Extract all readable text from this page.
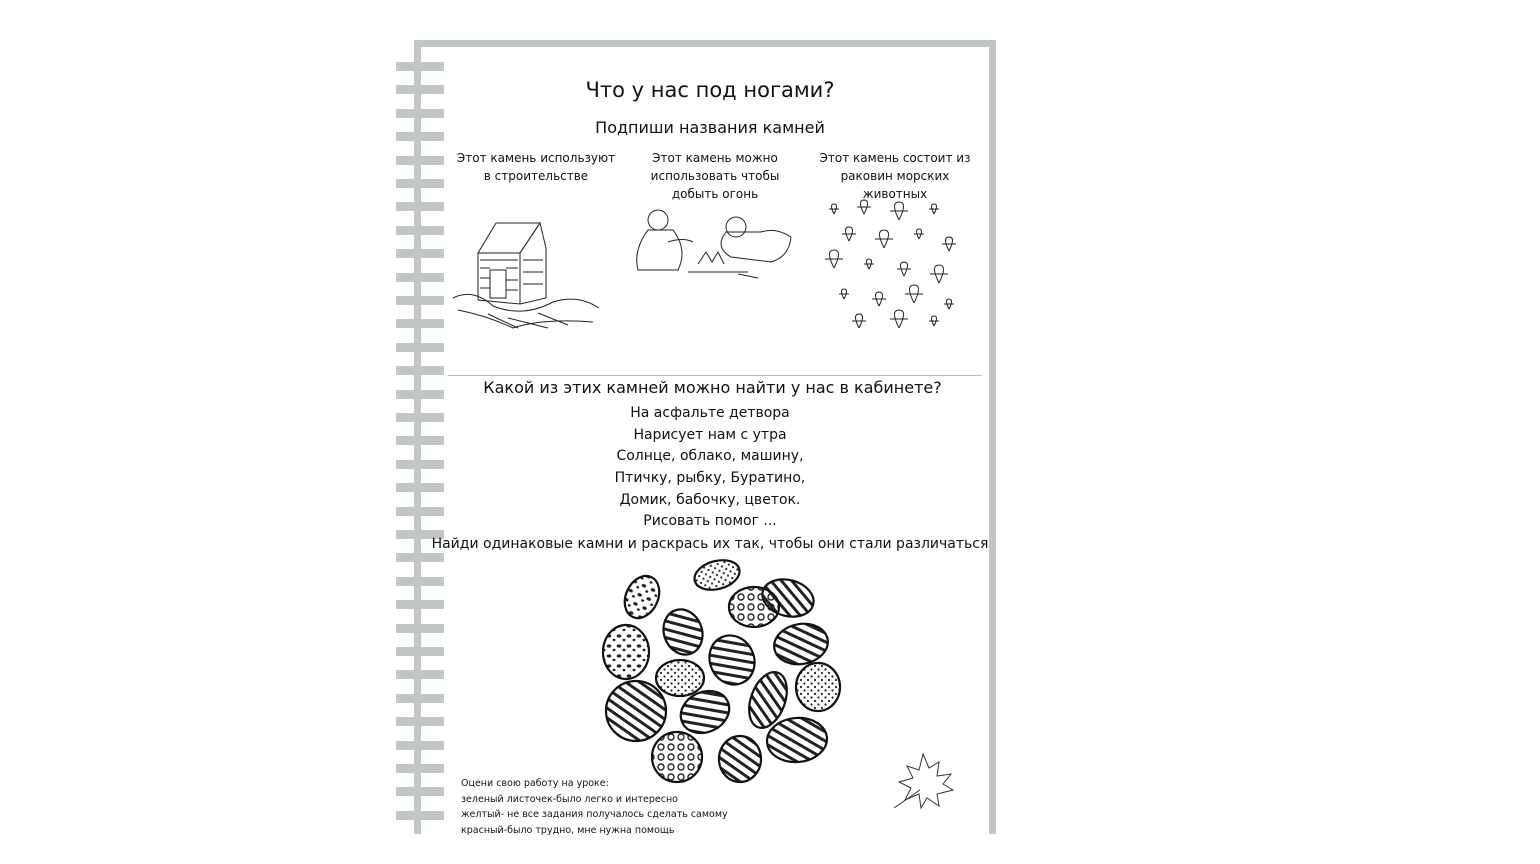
Что у нас под ногами?
Подпиши названия камней
Этот камень используют
в строительстве
Этот камень можно
использовать чтобы
добыть огонь
Этот камень состоит из
раковин морских
животных
Какой из этих камней можно найти у нас в кабинете?
На асфальте детвора
Нарисует нам с утра
Солнце, облако, машину,
Птичку, рыбку, Буратино,
Домик, бабочку, цветок.
Рисовать помог ...
Найди одинаковые камни и раскрась их так, чтобы они стали различаться
Оцени свою работу на уроке:
зеленый листочек-было легко и интересно
желтый- не все задания получалось сделать самому
красный-было трудно, мне нужна помощь
